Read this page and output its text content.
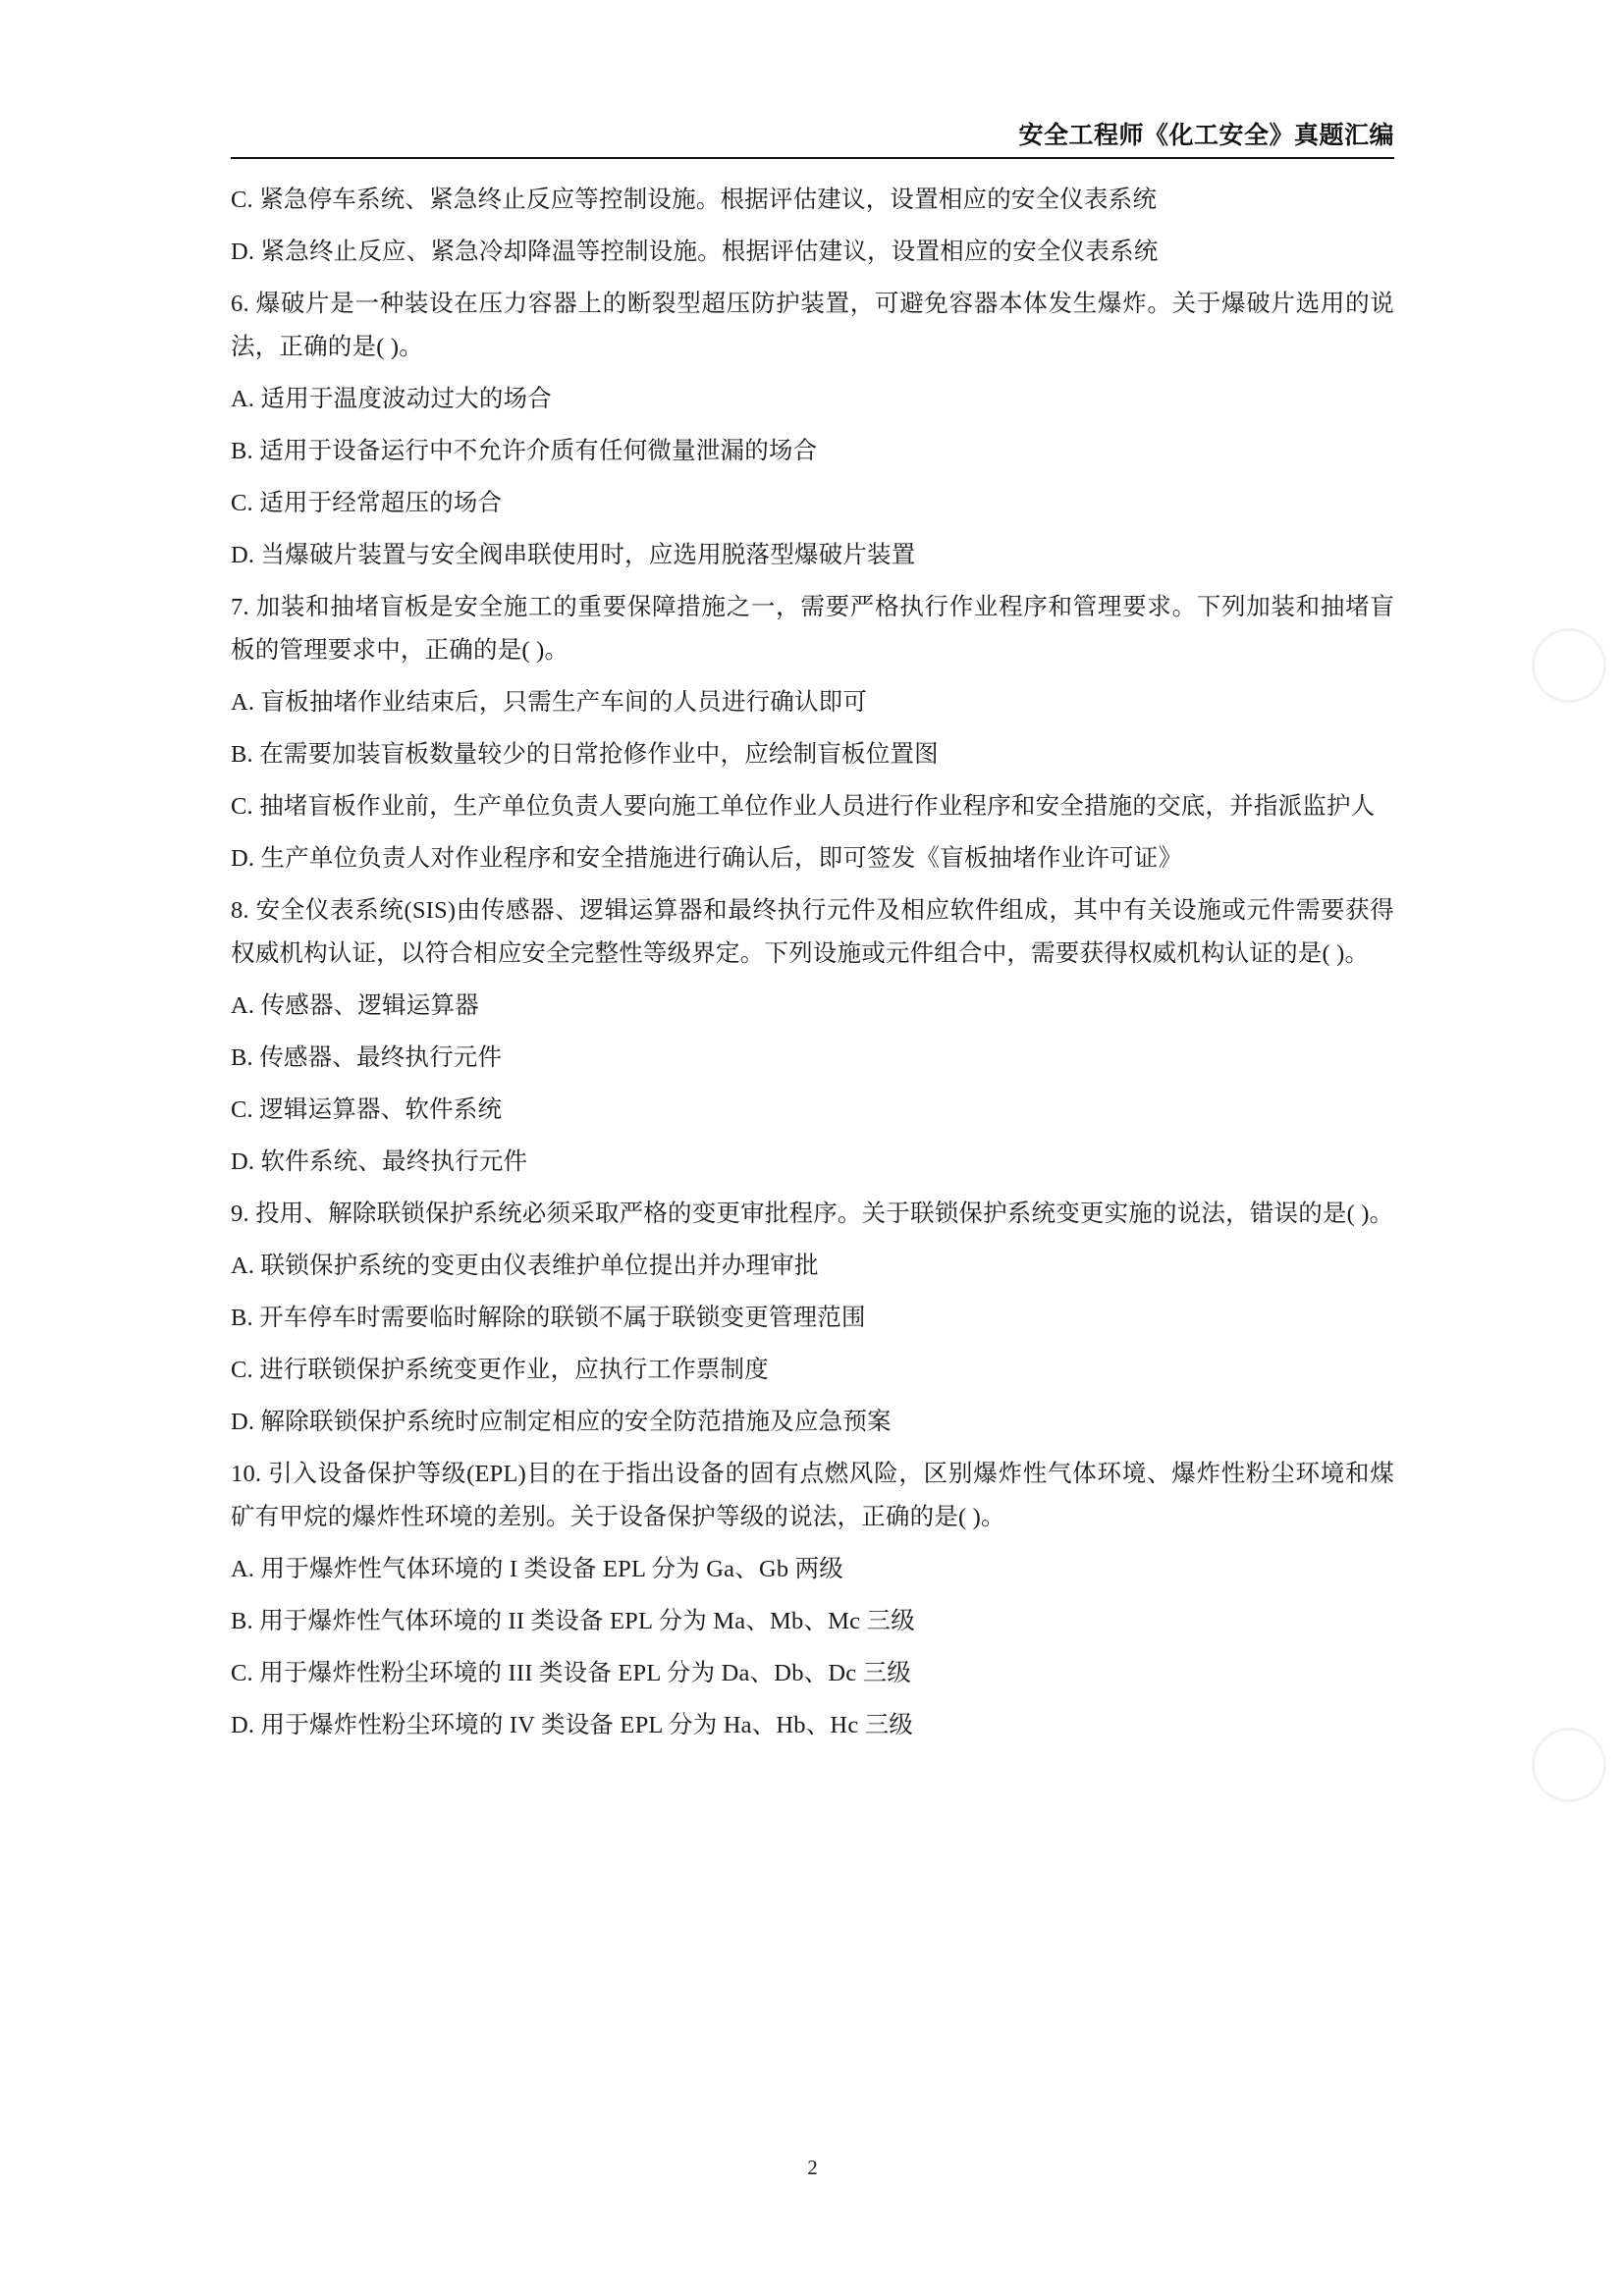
安全工程师《化工安全》真题汇编

C. 紧急停车系统、紧急终止反应等控制设施。根据评估建议，设置相应的安全仪表系统

D. 紧急终止反应、紧急冷却降温等控制设施。根据评估建议，设置相应的安全仪表系统

6. 爆破片是一种装设在压力容器上的断裂型超压防护装置，可避免容器本体发生爆炸。关于爆破片选用的说法，正确的是( )。

A. 适用于温度波动过大的场合

B. 适用于设备运行中不允许介质有任何微量泄漏的场合

C. 适用于经常超压的场合

D. 当爆破片装置与安全阀串联使用时，应选用脱落型爆破片装置

7. 加装和抽堵盲板是安全施工的重要保障措施之一，需要严格执行作业程序和管理要求。下列加装和抽堵盲板的管理要求中，正确的是( )。

A. 盲板抽堵作业结束后，只需生产车间的人员进行确认即可

B. 在需要加装盲板数量较少的日常抢修作业中，应绘制盲板位置图

C. 抽堵盲板作业前，生产单位负责人要向施工单位作业人员进行作业程序和安全措施的交底，并指派监护人

D. 生产单位负责人对作业程序和安全措施进行确认后，即可签发《盲板抽堵作业许可证》

8. 安全仪表系统(SIS)由传感器、逻辑运算器和最终执行元件及相应软件组成，其中有关设施或元件需要获得权威机构认证，以符合相应安全完整性等级界定。下列设施或元件组合中，需要获得权威机构认证的是( )。

A. 传感器、逻辑运算器

B. 传感器、最终执行元件

C. 逻辑运算器、软件系统

D. 软件系统、最终执行元件

9. 投用、解除联锁保护系统必须采取严格的变更审批程序。关于联锁保护系统变更实施的说法，错误的是( )。

A. 联锁保护系统的变更由仪表维护单位提出并办理审批

B. 开车停车时需要临时解除的联锁不属于联锁变更管理范围

C. 进行联锁保护系统变更作业，应执行工作票制度

D. 解除联锁保护系统时应制定相应的安全防范措施及应急预案

10. 引入设备保护等级(EPL)目的在于指出设备的固有点燃风险，区别爆炸性气体环境、爆炸性粉尘环境和煤矿有甲烷的爆炸性环境的差别。关于设备保护等级的说法，正确的是( )。

A. 用于爆炸性气体环境的 I 类设备 EPL 分为 Ga、Gb 两级

B. 用于爆炸性气体环境的 II 类设备 EPL 分为 Ma、Mb、Mc 三级

C. 用于爆炸性粉尘环境的 III 类设备 EPL 分为 Da、Db、Dc 三级

D. 用于爆炸性粉尘环境的 IV 类设备 EPL 分为 Ha、Hb、Hc 三级

2
